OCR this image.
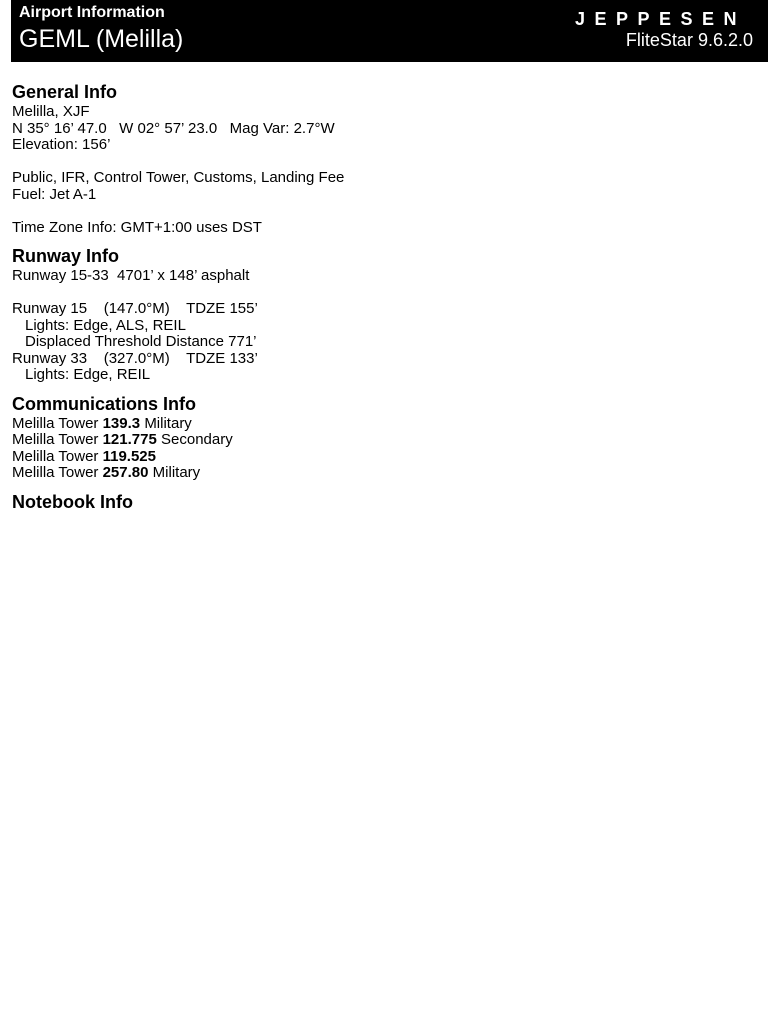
Airport Information
GEML (Melilla)
JEPPESEN
FliteStar 9.6.2.0
General Info
Melilla, XJF
N 35° 16’ 47.0   W 02° 57’ 23.0   Mag Var: 2.7°W
Elevation: 156’
Public, IFR, Control Tower, Customs, Landing Fee
Fuel: Jet A-1
Time Zone Info: GMT+1:00 uses DST
Runway Info
Runway 15-33  4701’ x 148’ asphalt
Runway 15    (147.0°M)    TDZE 155’
Lights: Edge, ALS, REIL
Displaced Threshold Distance 771’
Runway 33    (327.0°M)    TDZE 133’
Lights: Edge, REIL
Communications Info
Melilla Tower 139.3 Military
Melilla Tower 121.775 Secondary
Melilla Tower 119.525
Melilla Tower 257.80 Military
Notebook Info
